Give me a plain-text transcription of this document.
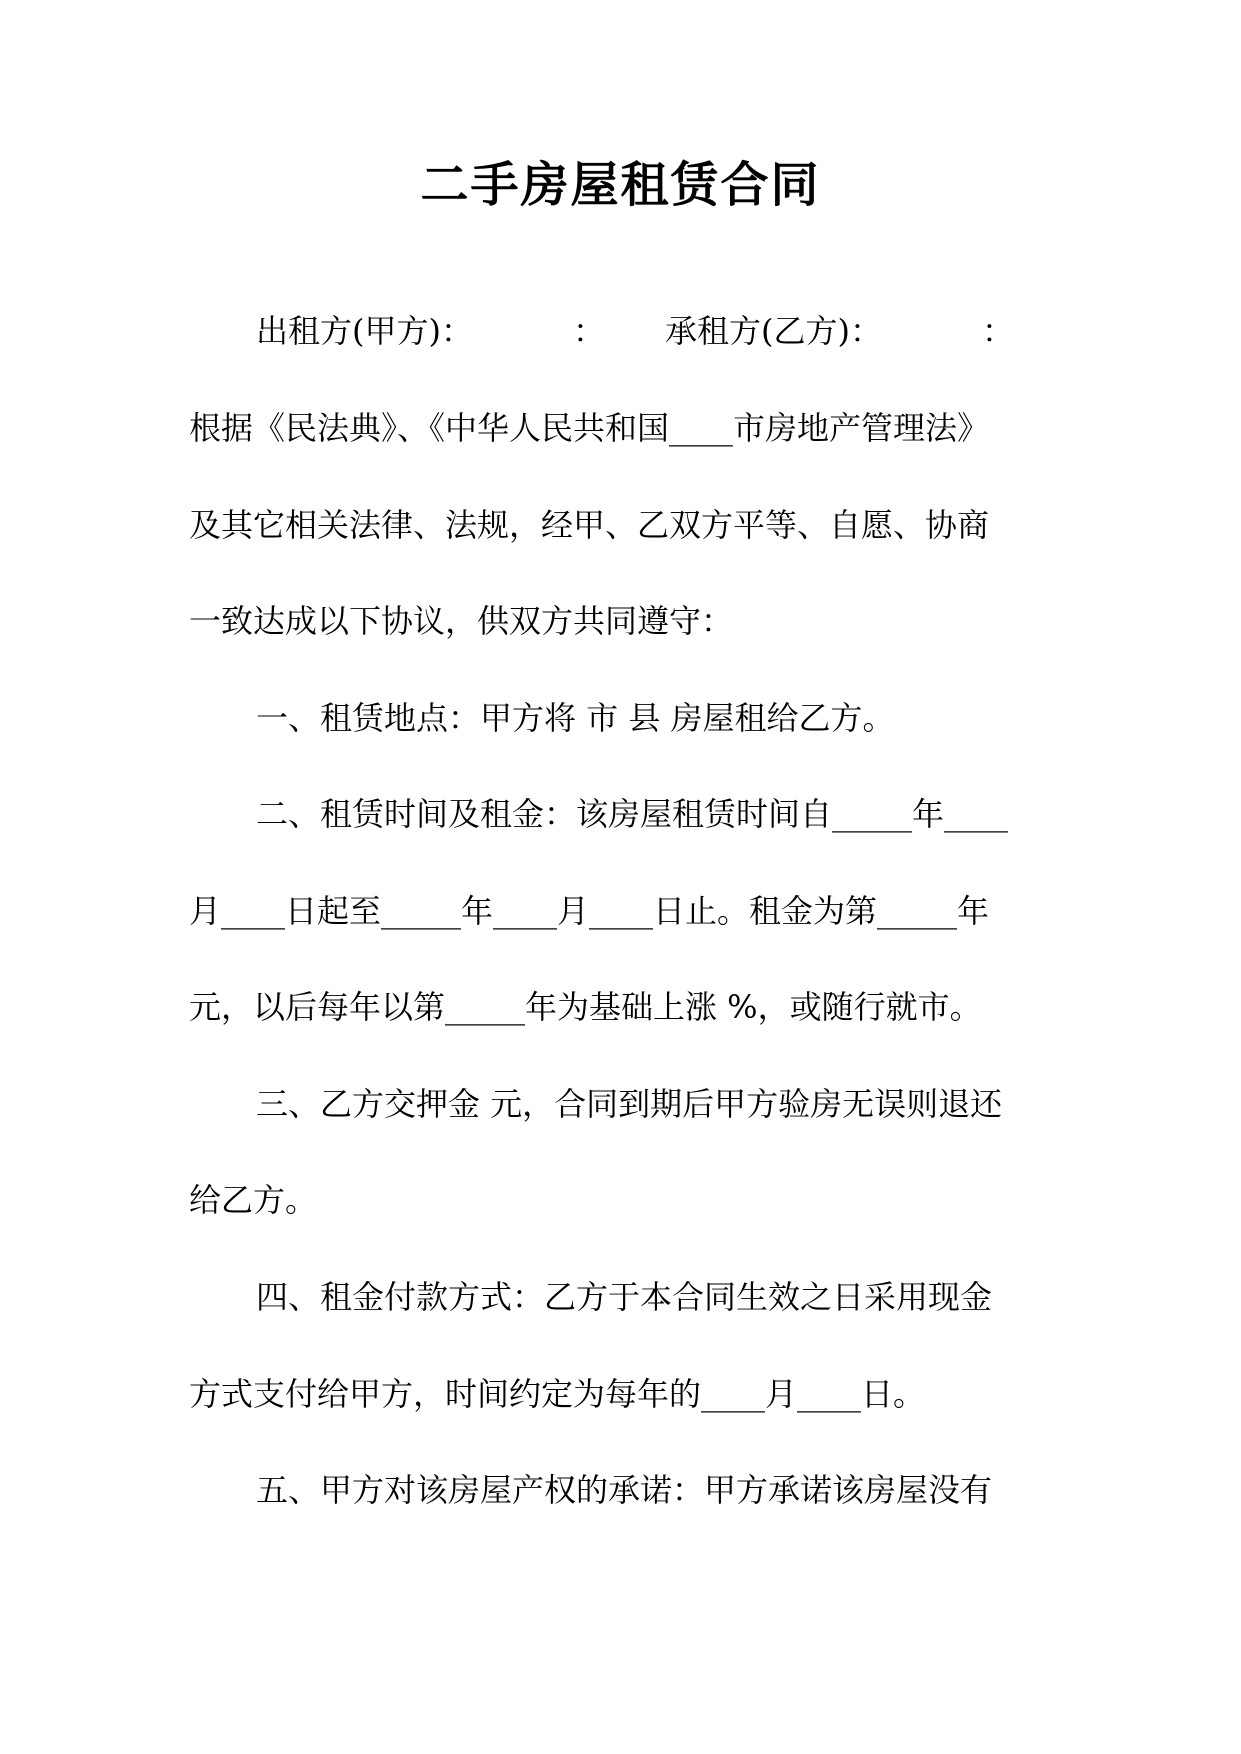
二手房屋租赁合同
出租方(甲方)：	： 承租方(乙方)：	：
根据《民法典》、《中华人民共和国____市房地产管理法》
及其它相关法律、法规，经甲、乙双方平等、自愿、协商
一致达成以下协议，供双方共同遵守：
一、租赁地点：甲方将 市 县 房屋租给乙方。
二、租赁时间及租金：该房屋租赁时间自_____年____
月____日起至_____年____月____日止。租金为第_____年
元，以后每年以第_____年为基础上涨 %，或随行就市。
三、乙方交押金 元，合同到期后甲方验房无误则退还
给乙方。
四、租金付款方式：乙方于本合同生效之日采用现金
方式支付给甲方，时间约定为每年的____月____日。
五、甲方对该房屋产权的承诺：甲方承诺该房屋没有
